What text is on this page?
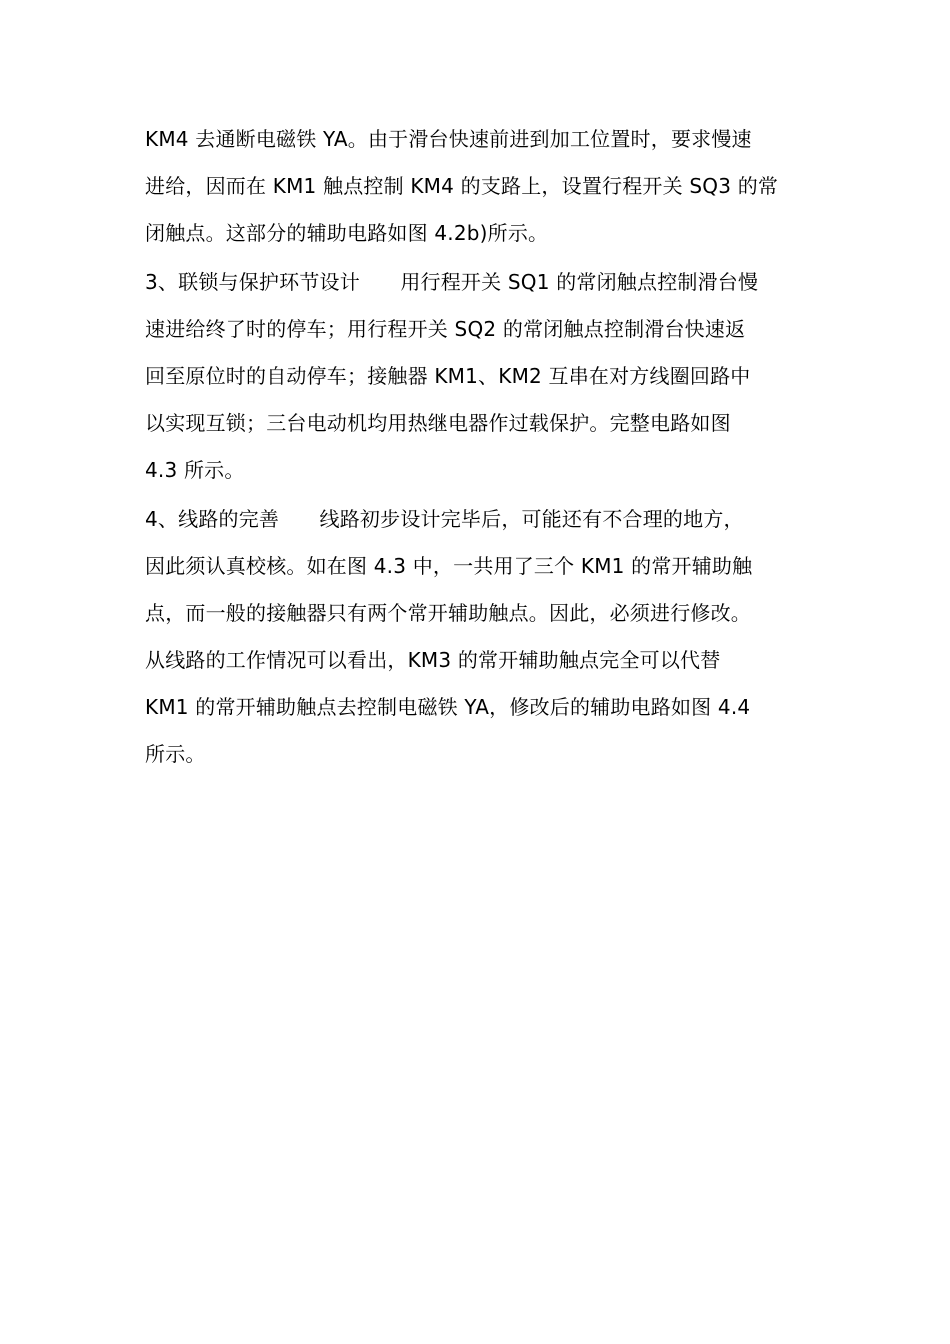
KM4 去通断电磁铁 YA。由于滑台快速前进到加工位置时，要求慢速
进给，因而在 KM1 触点控制 KM4 的支路上，设置行程开关 SQ3 的常
闭触点。这部分的辅助电路如图 4.2b)所示。
3、联锁与保护环节设计　　用行程开关 SQ1 的常闭触点控制滑台慢
速进给终了时的停车；用行程开关 SQ2 的常闭触点控制滑台快速返
回至原位时的自动停车；接触器 KM1、KM2 互串在对方线圈回路中
以实现互锁；三台电动机均用热继电器作过载保护。完整电路如图
4.3 所示。
4、线路的完善　　线路初步设计完毕后，可能还有不合理的地方，
因此须认真校核。如在图 4.3 中，一共用了三个 KM1 的常开辅助触
点，而一般的接触器只有两个常开辅助触点。因此，必须进行修改。
从线路的工作情况可以看出，KM3 的常开辅助触点完全可以代替
KM1 的常开辅助触点去控制电磁铁 YA，修改后的辅助电路如图 4.4
所示。
